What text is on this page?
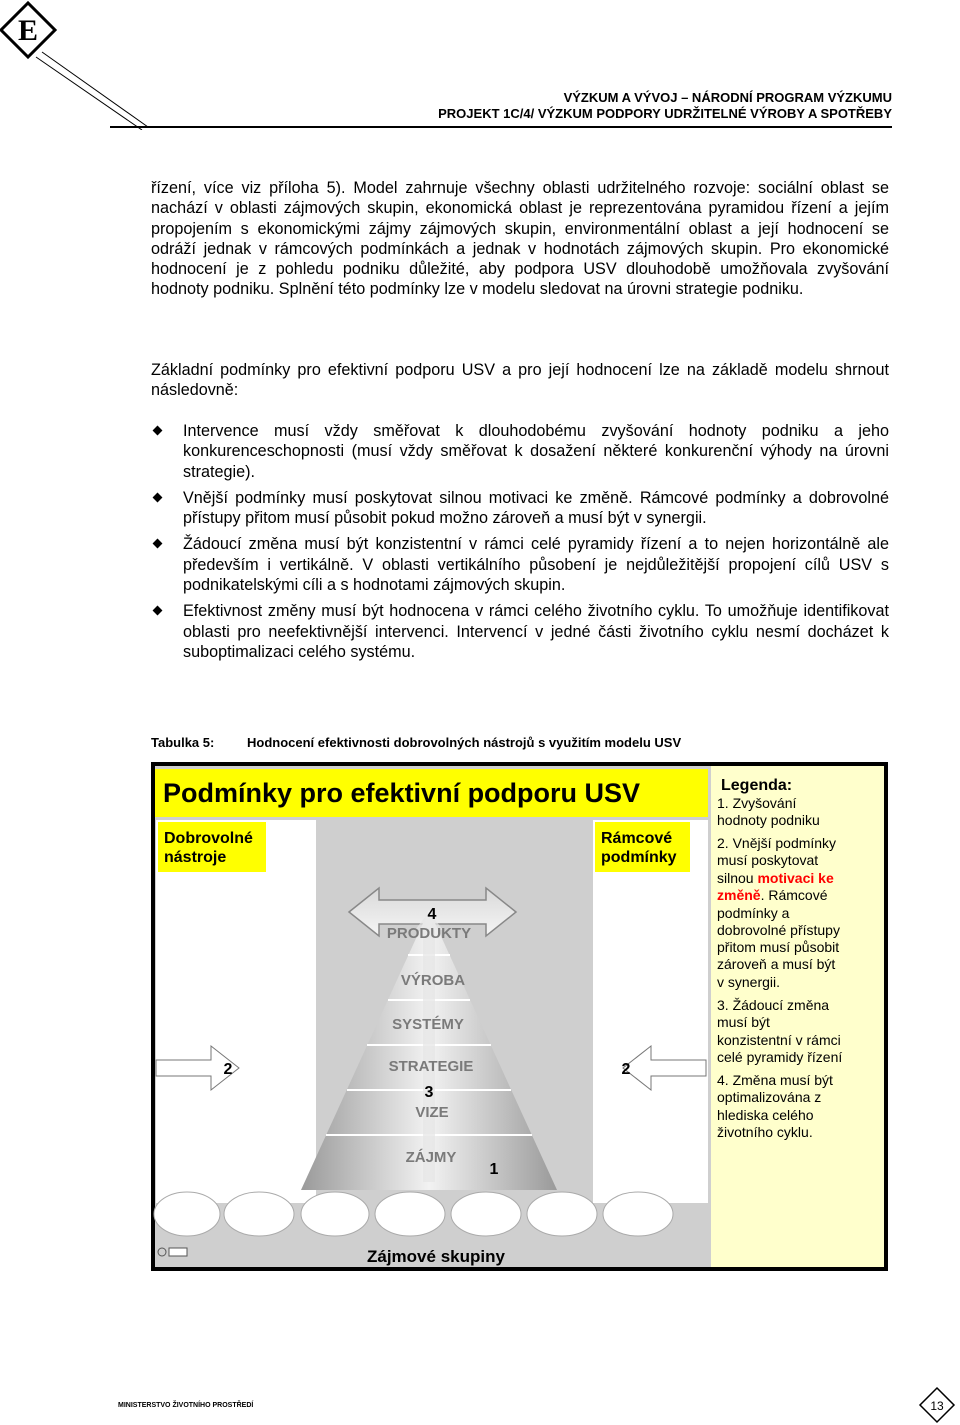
E
VÝZKUM A VÝVOJ – NÁRODNÍ PROGRAM VÝZKUMU
PROJEKT 1C/4/ VÝZKUM PODPORY UDRŽITELNÉ VÝROBY A SPOTŘEBY

řízení, více viz příloha 5). Model zahrnuje všechny oblasti udržitelného rozvoje: sociální oblast se nachází v oblasti zájmových skupin, ekonomická oblast je reprezentována pyramidou řízení a jejím propojením s ekonomickými zájmy zájmových skupin, environmentální oblast a její hodnocení se odráží jednak v rámcových podmínkách a jednak v hodnotách zájmových skupin. Pro ekonomické hodnocení je z pohledu podniku důležité, aby podpora USV dlouhodobě umožňovala zvyšování hodnoty podniku. Splnění této podmínky lze v modelu sledovat na úrovni strategie podniku.

Základní podmínky pro efektivní podporu USV a pro její hodnocení lze na základě modelu shrnout následovně:

Intervence musí vždy směřovat k dlouhodobému zvyšování hodnoty podniku a jeho konkurenceschopnosti (musí vždy směřovat k dosažení některé konkurenční výhody na úrovni strategie).
Vnější podmínky musí poskytovat silnou motivaci ke změně. Rámcové podmínky a dobrovolné přístupy přitom musí působit pokud možno zároveň a musí být v synergii.
Žádoucí změna musí být konzistentní v rámci celé pyramidy řízení a to nejen horizontálně ale především i vertikálně. V oblasti vertikálního působení je nejdůležitější propojení cílů USV s podnikatelskými cíli a s hodnotami zájmových skupin.
Efektivnost změny musí být hodnocena v rámci celého životního cyklu. To umožňuje identifikovat oblasti pro neefektivnější intervenci. Intervencí v jedné části životního cyklu nesmí docházet k suboptimalizaci celého systému.
Tabulka 5:	Hodnocení efektivnosti dobrovolných nástrojů s využitím modelu USV
Podmínky pro efektivní podporu USV	Legenda:
1. Zvyšování
hodnoty podniku
2. Vnější podmínky
musí poskytovat
silnou motivaci ke
změně. Rámcové
podmínky a
dobrovolné přístupy
přitom musí působit
zároveň a musí být
v synergii.
3. Žádoucí změna
musí být
konzistentní v rámci
celé pyramidy řízení
4. Změna musí být
optimalizována z
hlediska celého
životního cyklu.
Dobrovolné
nástroje
Rámcové
podmínky
PRODUKTY
VÝROBA
SYSTÉMY
STRATEGIE
VIZE
ZÁJMY
4
2	2
3
1
Zájmové skupiny
MINISTERSTVO ŽIVOTNÍHO PROSTŘEDÍ	13
